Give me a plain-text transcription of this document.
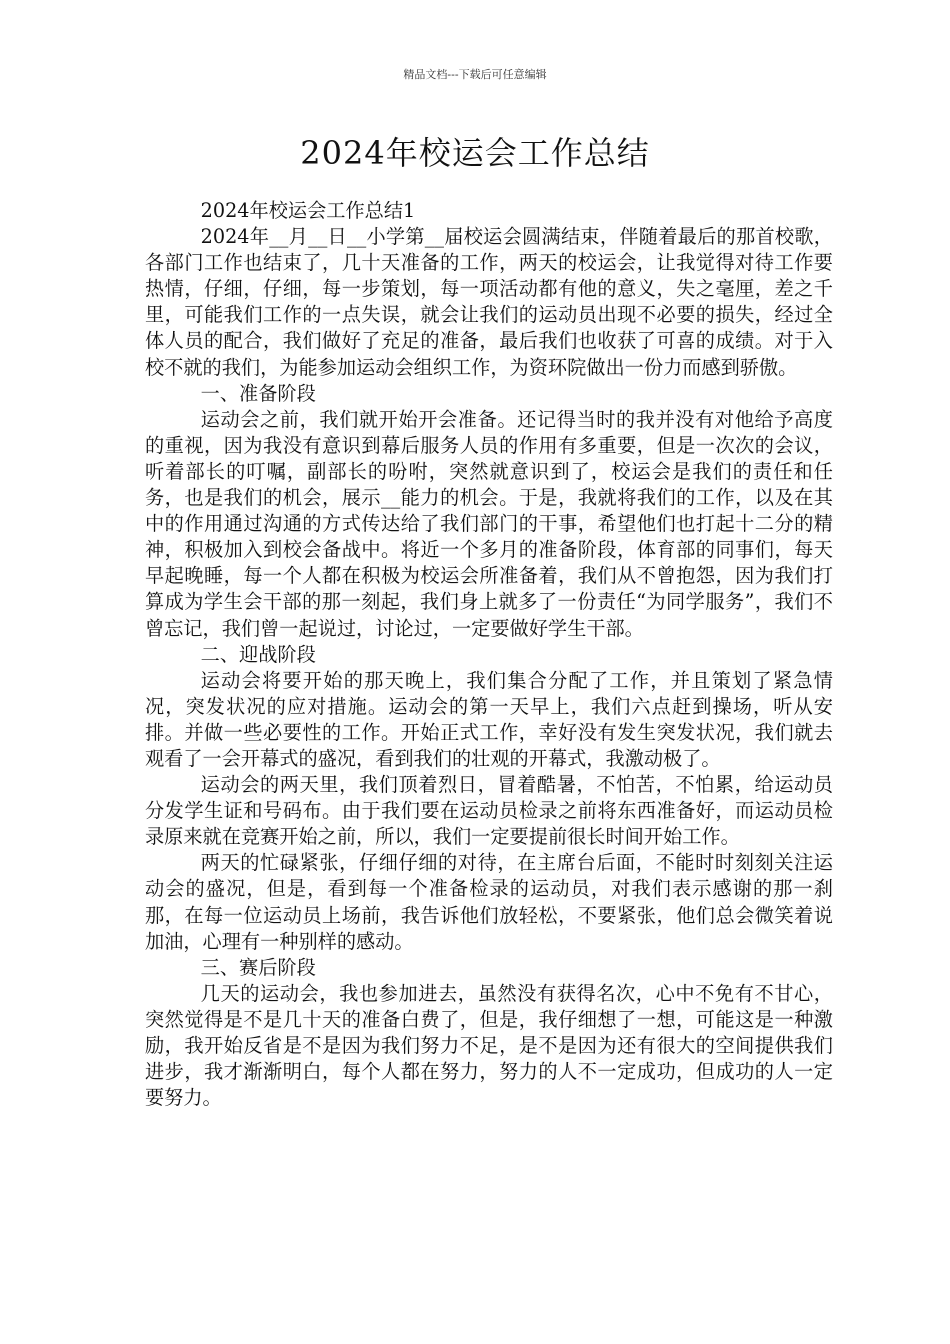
精品文档---下载后可任意编辑
2024年校运会工作总结

2024年校运会工作总结1

2024年__月__日__小学第__届校运会圆满结束，伴随着最后的那首校歌，各部门工作也结束了，几十天准备的工作，两天的校运会，让我觉得对待工作要热情，仔细，仔细，每一步策划，每一项活动都有他的意义，失之毫厘，差之千里，可能我们工作的一点失误，就会让我们的运动员出现不必要的损失，经过全体人员的配合，我们做好了充足的准备，最后我们也收获了可喜的成绩。对于入校不就的我们，为能参加运动会组织工作，为资环院做出一份力而感到骄傲。

一、准备阶段

运动会之前，我们就开始开会准备。还记得当时的我并没有对他给予高度的重视，因为我没有意识到幕后服务人员的作用有多重要，但是一次次的会议，听着部长的叮嘱，副部长的吩咐，突然就意识到了，校运会是我们的责任和任务，也是我们的机会，展示__能力的机会。于是，我就将我们的工作，以及在其中的作用通过沟通的方式传达给了我们部门的干事，希望他们也打起十二分的精神，积极加入到校会备战中。将近一个多月的准备阶段，体育部的同事们，每天早起晚睡，每一个人都在积极为校运会所准备着，我们从不曾抱怨，因为我们打算成为学生会干部的那一刻起，我们身上就多了一份责任“为同学服务”，我们不曾忘记，我们曾一起说过，讨论过，一定要做好学生干部。

二、迎战阶段

运动会将要开始的那天晚上，我们集合分配了工作，并且策划了紧急情况，突发状况的应对措施。运动会的第一天早上，我们六点赶到操场，听从安排。并做一些必要性的工作。开始正式工作，幸好没有发生突发状况，我们就去观看了一会开幕式的盛况，看到我们的壮观的开幕式，我激动极了。

运动会的两天里，我们顶着烈日，冒着酷暑，不怕苦，不怕累，给运动员分发学生证和号码布。由于我们要在运动员检录之前将东西准备好，而运动员检录原来就在竞赛开始之前，所以，我们一定要提前很长时间开始工作。

两天的忙碌紧张，仔细仔细的对待，在主席台后面，不能时时刻刻关注运动会的盛况，但是，看到每一个准备检录的运动员，对我们表示感谢的那一刹那，在每一位运动员上场前，我告诉他们放轻松，不要紧张，他们总会微笑着说加油，心理有一种别样的感动。

三、赛后阶段

几天的运动会，我也参加进去，虽然没有获得名次，心中不免有不甘心，突然觉得是不是几十天的准备白费了，但是，我仔细想了一想，可能这是一种激励，我开始反省是不是因为我们努力不足，是不是因为还有很大的空间提供我们进步，我才渐渐明白，每个人都在努力，努力的人不一定成功，但成功的人一定要努力。
